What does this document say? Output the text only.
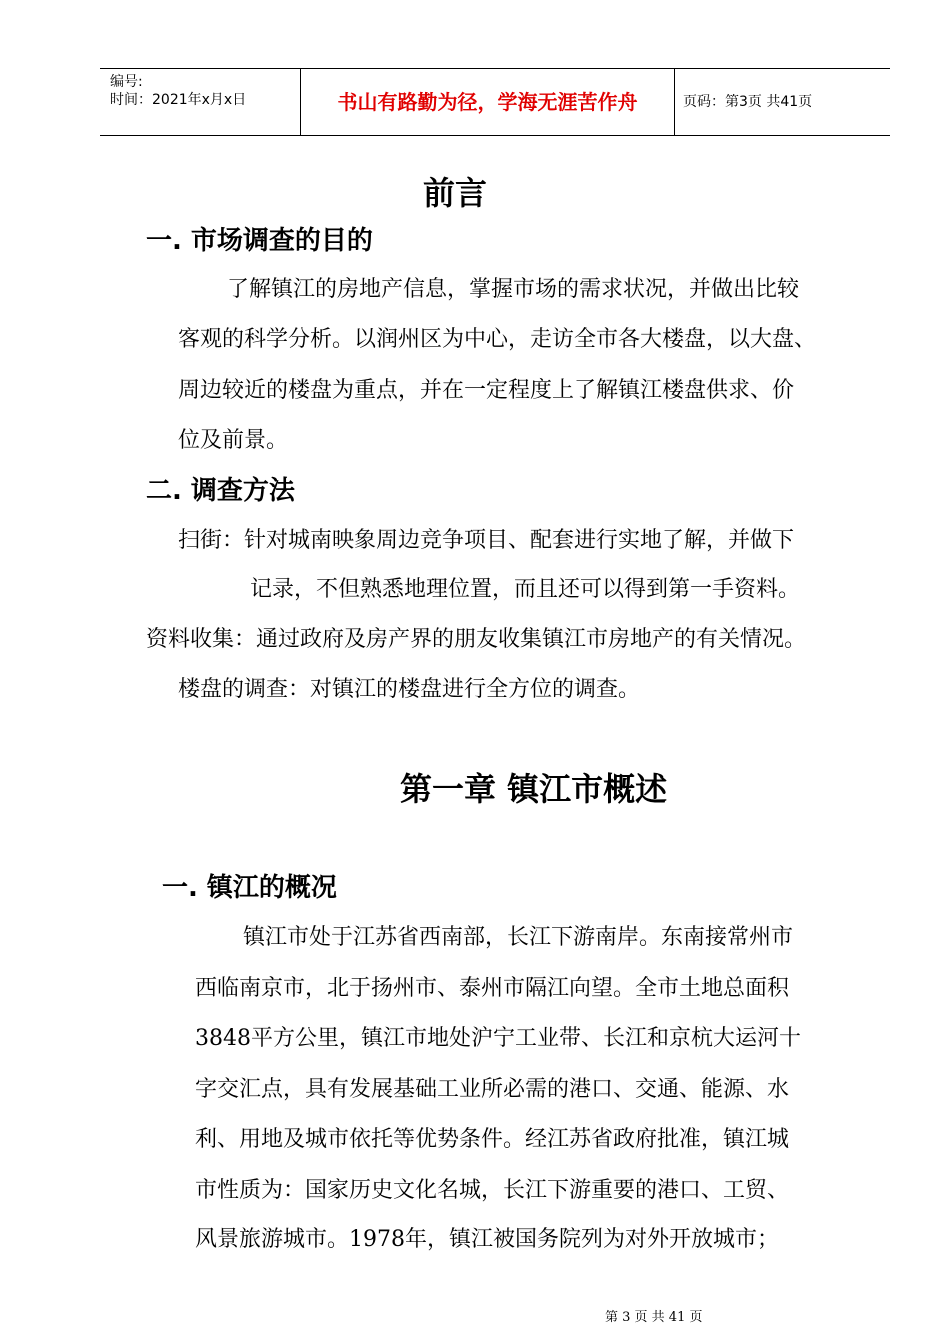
编号:
时间：2021年x月x日	书山有路勤为径，学海无涯苦作舟	页码：第3页 共41页
前言
一. 市场调查的目的
了解镇江的房地产信息，掌握市场的需求状况，并做出比较
客观的科学分析。以润州区为中心，走访全市各大楼盘，以大盘、
周边较近的楼盘为重点，并在一定程度上了解镇江楼盘供求、价
位及前景。
二. 调查方法
扫街：针对城南映象周边竞争项目、配套进行实地了解，并做下
记录，不但熟悉地理位置，而且还可以得到第一手资料。
资料收集：通过政府及房产界的朋友收集镇江市房地产的有关情况。
楼盘的调查：对镇江的楼盘进行全方位的调查。
第一章 镇江市概述
一. 镇江的概况
镇江市处于江苏省西南部，长江下游南岸。东南接常州市
西临南京市，北于扬州市、泰州市隔江向望。全市土地总面积
3848平方公里，镇江市地处沪宁工业带、长江和京杭大运河十
字交汇点，具有发展基础工业所必需的港口、交通、能源、水
利、用地及城市依托等优势条件。经江苏省政府批准，镇江城
市性质为：国家历史文化名城，长江下游重要的港口、工贸、
风景旅游城市。1978年，镇江被国务院列为对外开放城市；
第 3 页 共 41 页
